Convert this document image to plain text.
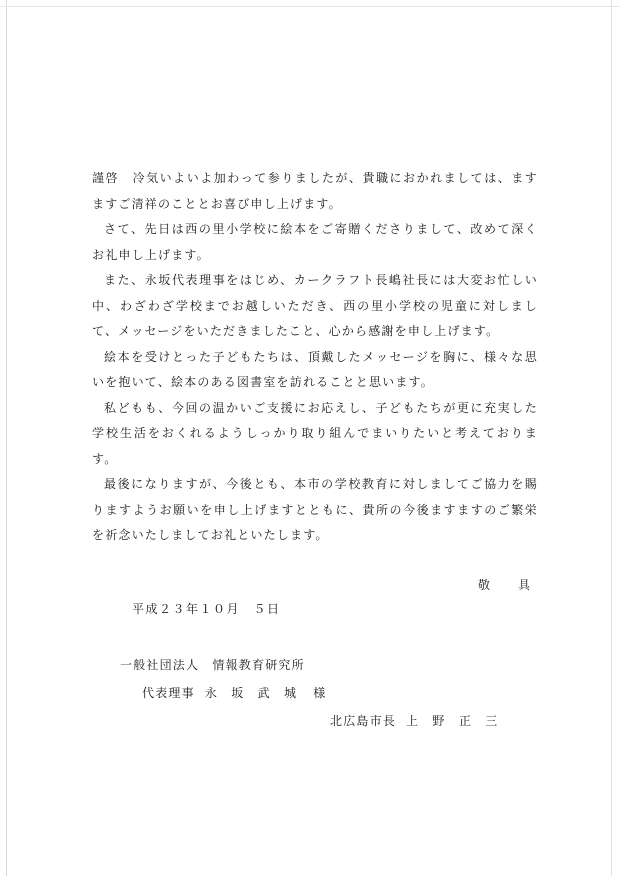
謹啓　冷気いよいよ加わって参りましたが、貴職におかれましては、ますますご清祥のこととお喜び申し上げます。

さて、先日は西の里小学校に絵本をご寄贈くださりまして、改めて深くお礼申し上げます。

また、永坂代表理事をはじめ、カークラフト長嶋社長には大変お忙しい中、わざわざ学校までお越しいただき、西の里小学校の児童に対しまして、メッセージをいただきましたこと、心から感謝を申し上げます。

絵本を受けとった子どもたちは、頂戴したメッセージを胸に、様々な思いを抱いて、絵本のある図書室を訪れることと思います。

私どもも、今回の温かいご支援にお応えし、子どもたちが更に充実した学校生活をおくれるようしっかり取り組んでまいりたいと考えております。

最後になりますが、今後とも、本市の学校教育に対しましてご協力を賜りますようお願いを申し上げますとともに、貴所の今後ますますのご繁栄を祈念いたしましてお礼といたします。

敬　具
平成２３年１０月　５日
一般社団法人　情報教育研究所
代表理事 永　坂　武　城 様
北広島市長 上　野　正　三
